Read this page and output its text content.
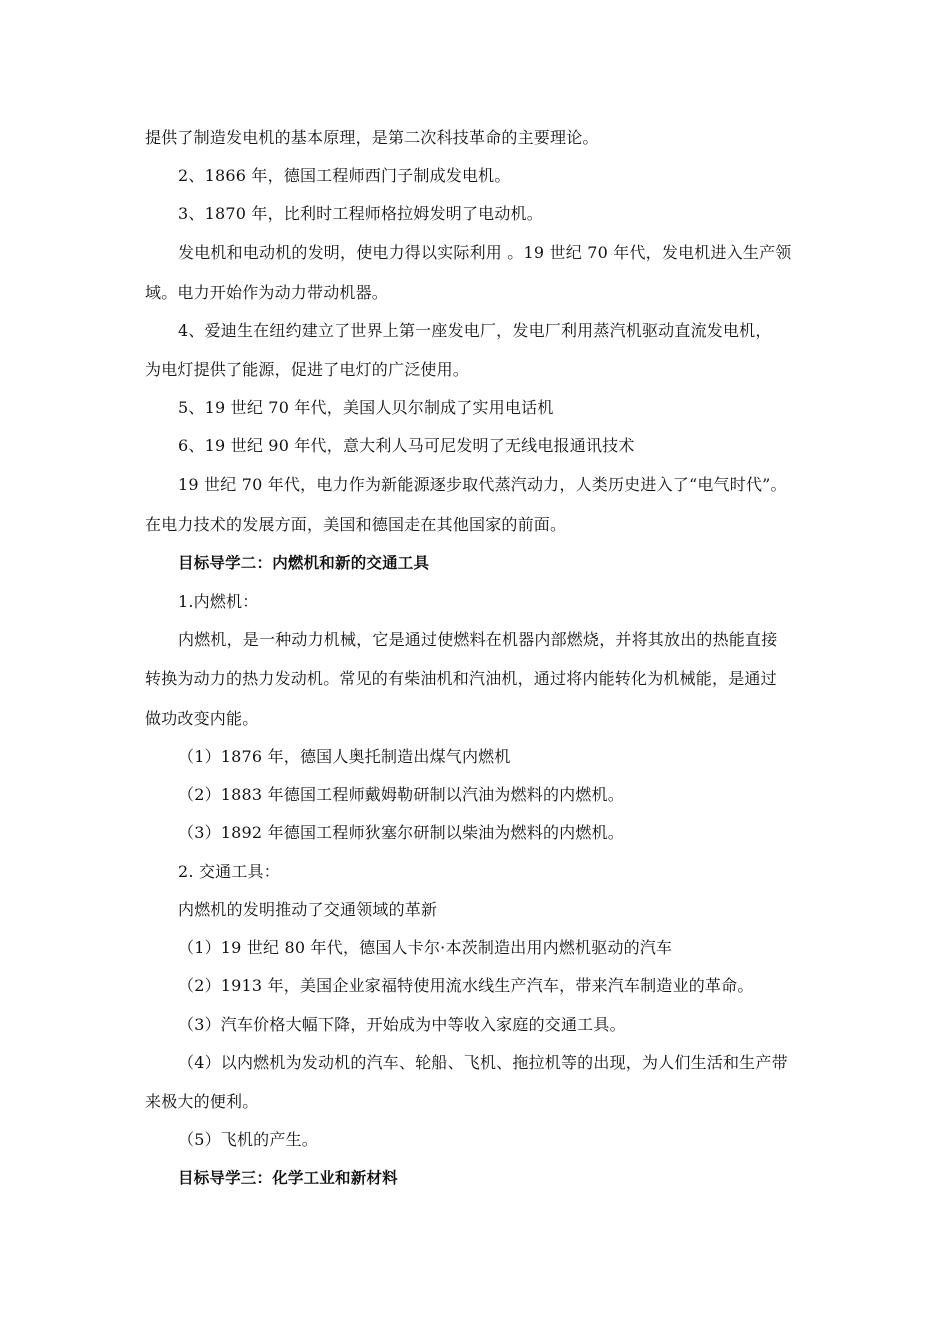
提供了制造发电机的基本原理，是第二次科技革命的主要理论。
2、1866 年，德国工程师西门子制成发电机。
3、1870 年，比利时工程师格拉姆发明了电动机。
发电机和电动机的发明，使电力得以实际利用 。19 世纪 70 年代，发电机进入生产领
域。电力开始作为动力带动机器。
4、爱迪生在纽约建立了世界上第一座发电厂，发电厂利用蒸汽机驱动直流发电机，
为电灯提供了能源，促进了电灯的广泛使用。
5、19 世纪 70 年代，美国人贝尔制成了实用电话机
6、19 世纪 90 年代，意大利人马可尼发明了无线电报通讯技术
19 世纪 70 年代，电力作为新能源逐步取代蒸汽动力，人类历史进入了“电气时代”。
在电力技术的发展方面，美国和德国走在其他国家的前面。
目标导学二：内燃机和新的交通工具
1.内燃机：
内燃机，是一种动力机械，它是通过使燃料在机器内部燃烧，并将其放出的热能直接
转换为动力的热力发动机。常见的有柴油机和汽油机，通过将内能转化为机械能，是通过
做功改变内能。
（1）1876 年，德国人奥托制造出煤气内燃机
（2）1883 年德国工程师戴姆勒研制以汽油为燃料的内燃机。
（3）1892 年德国工程师狄塞尔研制以柴油为燃料的内燃机。
2. 交通工具：
内燃机的发明推动了交通领域的革新
（1）19 世纪 80 年代，德国人卡尔·本茨制造出用内燃机驱动的汽车
（2）1913 年，美国企业家福特使用流水线生产汽车，带来汽车制造业的革命。
（3）汽车价格大幅下降，开始成为中等收入家庭的交通工具。
（4）以内燃机为发动机的汽车、轮船、飞机、拖拉机等的出现，为人们生活和生产带
来极大的便利。
（5）飞机的产生。
目标导学三：化学工业和新材料
